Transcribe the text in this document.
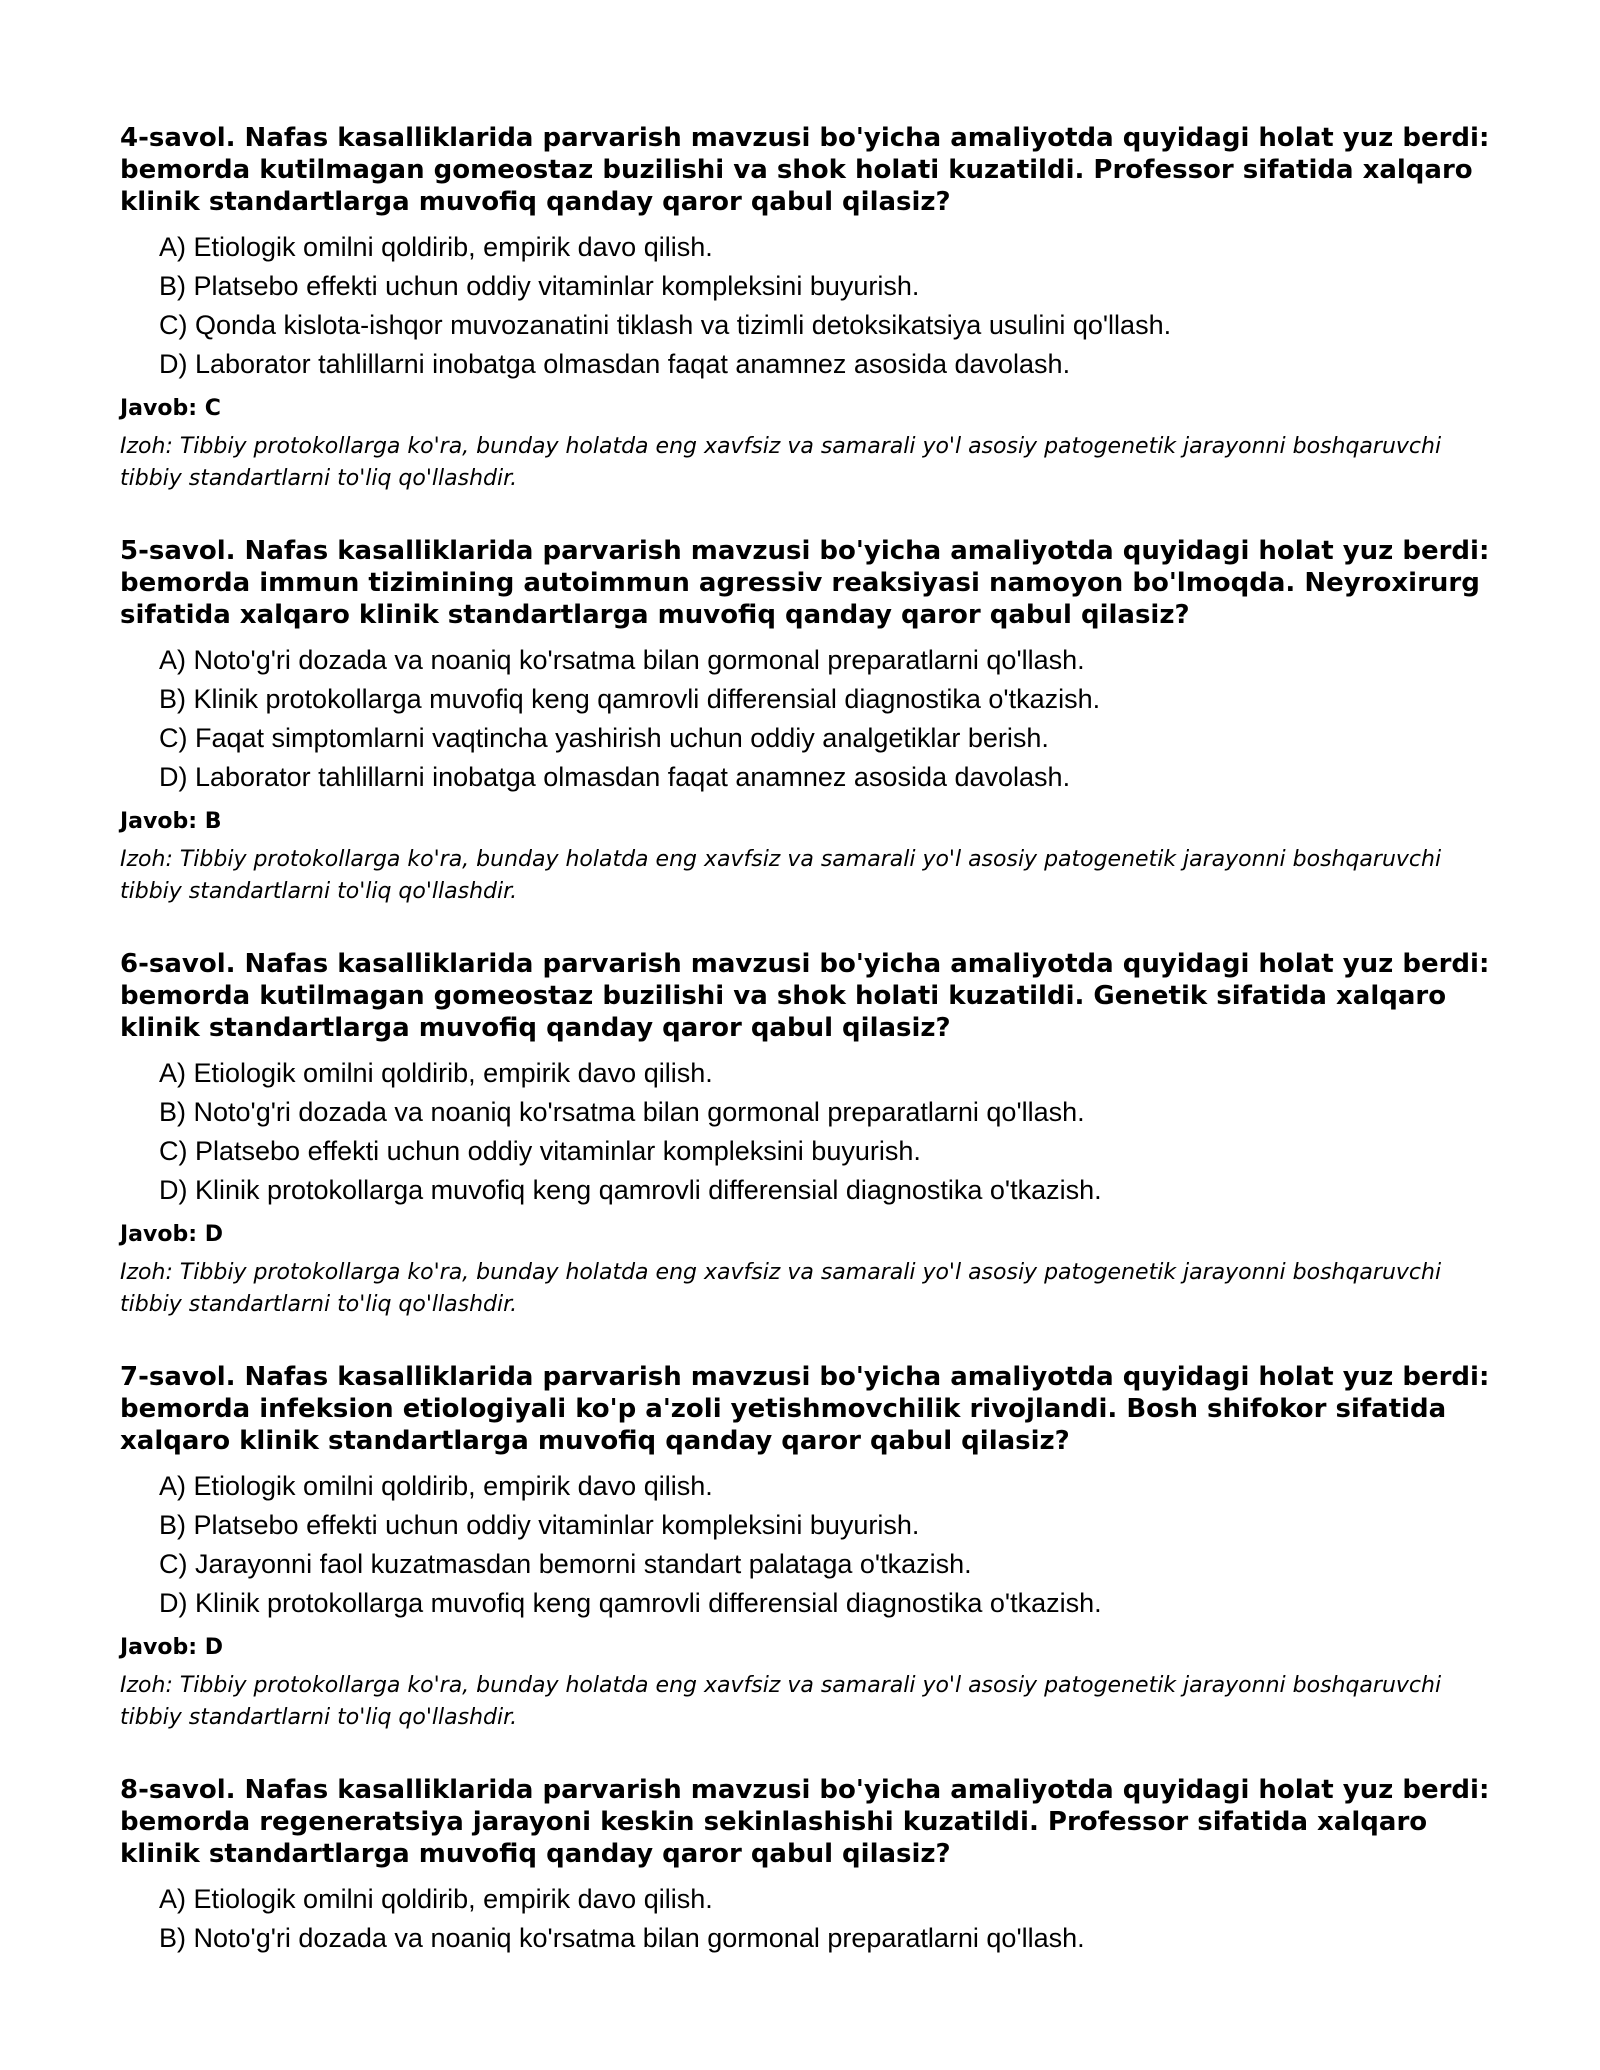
4-savol. Nafas kasalliklarida parvarish mavzusi bo'yicha amaliyotda quyidagi holat yuz berdi: bemorda kutilmagan gomeostaz buzilishi va shok holati kuzatildi. Professor sifatida xalqaro klinik standartlarga muvofiq qanday qaror qabul qilasiz?
A) Etiologik omilni qoldirib, empirik davo qilish.
B) Platsebo effekti uchun oddiy vitaminlar kompleksini buyurish.
C) Qonda kislota-ishqor muvozanatini tiklash va tizimli detoksikatsiya usulini qo'llash.
D) Laborator tahlillarni inobatga olmasdan faqat anamnez asosida davolash.
Javob: C
Izoh: Tibbiy protokollarga ko'ra, bunday holatda eng xavfsiz va samarali yo'l asosiy patogenetik jarayonni boshqaruvchi tibbiy standartlarni to'liq qo'llashdir.
5-savol. Nafas kasalliklarida parvarish mavzusi bo'yicha amaliyotda quyidagi holat yuz berdi: bemorda immun tizimining autoimmun agressiv reaksiyasi namoyon bo'lmoqda. Neyroxirurg sifatida xalqaro klinik standartlarga muvofiq qanday qaror qabul qilasiz?
A) Noto'g'ri dozada va noaniq ko'rsatma bilan gormonal preparatlarni qo'llash.
B) Klinik protokollarga muvofiq keng qamrovli differensial diagnostika o'tkazish.
C) Faqat simptomlarni vaqtincha yashirish uchun oddiy analgetiklar berish.
D) Laborator tahlillarni inobatga olmasdan faqat anamnez asosida davolash.
Javob: B
Izoh: Tibbiy protokollarga ko'ra, bunday holatda eng xavfsiz va samarali yo'l asosiy patogenetik jarayonni boshqaruvchi tibbiy standartlarni to'liq qo'llashdir.
6-savol. Nafas kasalliklarida parvarish mavzusi bo'yicha amaliyotda quyidagi holat yuz berdi: bemorda kutilmagan gomeostaz buzilishi va shok holati kuzatildi. Genetik sifatida xalqaro klinik standartlarga muvofiq qanday qaror qabul qilasiz?
A) Etiologik omilni qoldirib, empirik davo qilish.
B) Noto'g'ri dozada va noaniq ko'rsatma bilan gormonal preparatlarni qo'llash.
C) Platsebo effekti uchun oddiy vitaminlar kompleksini buyurish.
D) Klinik protokollarga muvofiq keng qamrovli differensial diagnostika o'tkazish.
Javob: D
Izoh: Tibbiy protokollarga ko'ra, bunday holatda eng xavfsiz va samarali yo'l asosiy patogenetik jarayonni boshqaruvchi tibbiy standartlarni to'liq qo'llashdir.
7-savol. Nafas kasalliklarida parvarish mavzusi bo'yicha amaliyotda quyidagi holat yuz berdi: bemorda infeksion etiologiyali ko'p a'zoli yetishmovchilik rivojlandi. Bosh shifokor sifatida xalqaro klinik standartlarga muvofiq qanday qaror qabul qilasiz?
A) Etiologik omilni qoldirib, empirik davo qilish.
B) Platsebo effekti uchun oddiy vitaminlar kompleksini buyurish.
C) Jarayonni faol kuzatmasdan bemorni standart palataga o'tkazish.
D) Klinik protokollarga muvofiq keng qamrovli differensial diagnostika o'tkazish.
Javob: D
Izoh: Tibbiy protokollarga ko'ra, bunday holatda eng xavfsiz va samarali yo'l asosiy patogenetik jarayonni boshqaruvchi tibbiy standartlarni to'liq qo'llashdir.
8-savol. Nafas kasalliklarida parvarish mavzusi bo'yicha amaliyotda quyidagi holat yuz berdi: bemorda regeneratsiya jarayoni keskin sekinlashishi kuzatildi. Professor sifatida xalqaro klinik standartlarga muvofiq qanday qaror qabul qilasiz?
A) Etiologik omilni qoldirib, empirik davo qilish.
B) Noto'g'ri dozada va noaniq ko'rsatma bilan gormonal preparatlarni qo'llash.
